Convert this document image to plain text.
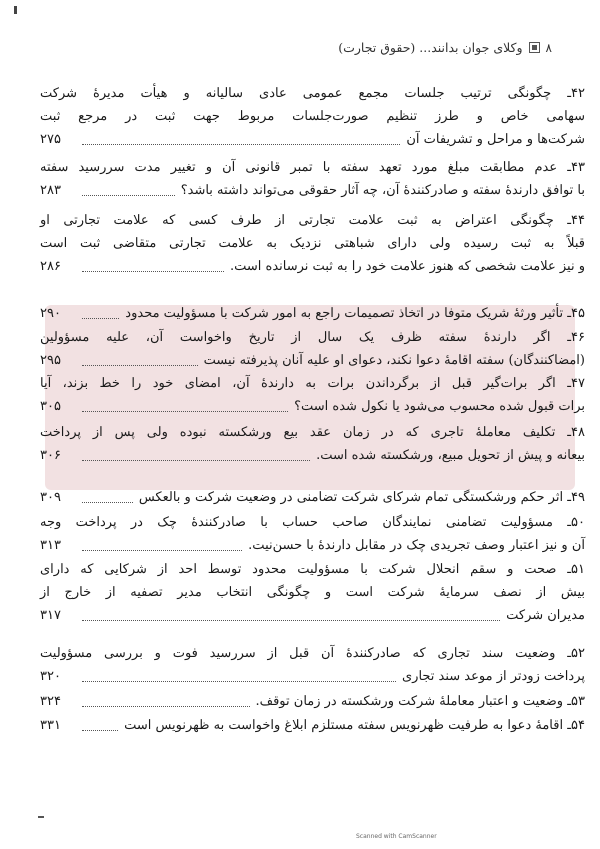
٨
وکلای جوان بدانند... (حقوق تجارت)
۴۲ـ چگونگی ترتیب جلسات مجمع عمومی عادی سالیانه و هیأت مدیرهٔ شرکت
سهامی خاص و طرز تنظیم صورت‌جلسات مربوط جهت ثبت در مرجع ثبت
شرکت‌ها و مراحل و تشریفات آن
۲۷۵
۴۳ـ عدم مطابقت مبلغ مورد تعهد سفته با تمبر قانونی آن و تغییر مدت سررسید سفته
با توافق دارندهٔ سفته و صادرکنندهٔ آن، چه آثار حقوقی می‌تواند داشته باشد؟
۲۸۳
۴۴ـ چگونگی اعتراض به ثبت علامت تجارتی از طرف کسی که علامت تجارتی او
قبلاً به ثبت رسیده ولی دارای شباهتی نزدیک به علامت تجارتی متقاضی ثبت است
و نیز علامت شخصی که هنوز علامت خود را به ثبت نرسانده است.
۲۸۶
۴۵ـ تأثیر ورثهٔ شریک متوفا در اتخاذ تصمیمات راجع به امور شرکت با مسؤولیت محدود
۲۹۰
۴۶ـ اگر دارندهٔ سفته ظرف یک سال از تاریخ واخواست آن، علیه مسؤولین
(امضاکنندگان) سفته اقامهٔ دعوا نکند، دعوای او علیه آنان پذیرفته نیست
۲۹۵
۴۷ـ اگر برات‌گیر قبل از برگرداندن برات به دارندهٔ آن، امضای خود را خط بزند، آیا
برات قبول شده محسوب می‌شود یا نکول شده است؟
۳۰۵
۴۸ـ تکلیف معاملهٔ تاجری که در زمان عقد بیع ورشکسته نبوده ولی پس از پرداخت
بیعانه و پیش از تحویل مبیع، ورشکسته شده است.
۳۰۶
۴۹ـ اثر حکم ورشکستگی تمام شرکای شرکت تضامنی در وضعیت شرکت و بالعکس
۳۰۹
۵۰ـ مسؤولیت تضامنی نمایندگان صاحب حساب با صادرکنندهٔ چک در پرداخت وجه
آن و نیز اعتبار وصف تجریدی چک در مقابل دارندهٔ با حسن‌نیت.
۳۱۳
۵۱ـ صحت و سقم انحلال شرکت با مسؤولیت محدود توسط احد از شرکایی که دارای
بیش از نصف سرمایهٔ شرکت است و چگونگی انتخاب مدیر تصفیه از خارج از
مدیران شرکت
۳۱۷
۵۲ـ وضعیت سند تجاری که صادرکنندهٔ آن قبل از سررسید فوت و بررسی مسؤولیت
پرداخت زودتر از موعد سند تجاری
۳۲۰
۵۳ـ وضعیت و اعتبار معاملهٔ شرکت ورشکسته در زمان توقف.
۳۲۴
۵۴ـ اقامهٔ دعوا به طرفیت ظهرنویس سفته مستلزم ابلاغ واخواست به ظهرنویس است
۳۳۱
Scanned with CamScanner
